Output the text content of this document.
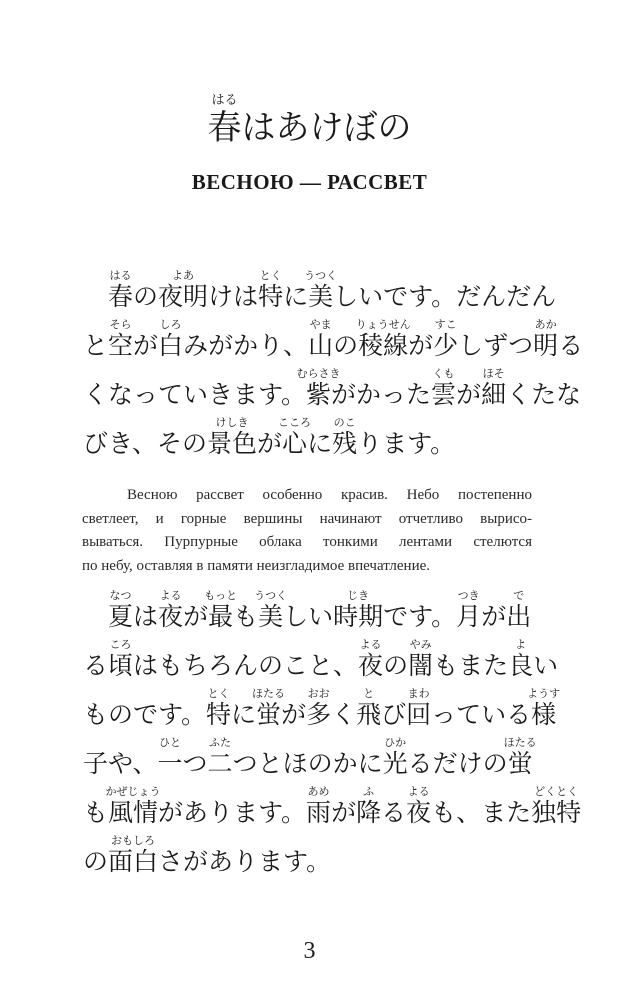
春
はる
はあけぼの
ВЕСНОЮ — РАССВЕТ
　春
はる
の夜明
よあ
けは特
とく
に美
うつく
しいです。だんだん
と空
そら
が白
しろ
みがかり、山
やま
の稜線
りょうせん
が少
すこ
しずつ明
あか
る
くなっていきます。紫
むらさき
がかった雲
くも
が細
ほそ
くたな
びき、その景色
けしき
が心
こころ
に残
のこ
ります。
Весною рассвет особенно красив. Небо постепенно
светлеет, и горные вершины начинают отчетливо вырисо-
вываться. Пурпурные облака тонкими лентами стелются
по небу, оставляя в памяти неизгладимое впечатление.
　夏
なつ
は夜
よる
が最
もっと
も美
うつく
しい時期
じき
です。月
つき
が出
で
る頃
ころ
はもちろんのこと、夜
よる
の闇
やみ
もまた良
よ
い
ものです。特
とく
に蛍
ほたる
が多
おお
く飛
と
び回
まわ
っている様
ようす
子や、一
ひと
つ二
ふた
つとほのかに光
ひか
るだけの蛍
ほたる
も風情
かぜじょう
があります。雨
あめ
が降
ふ
る夜
よる
も、また独特
どくとく
の面白
おもしろ
さがあります。
3
